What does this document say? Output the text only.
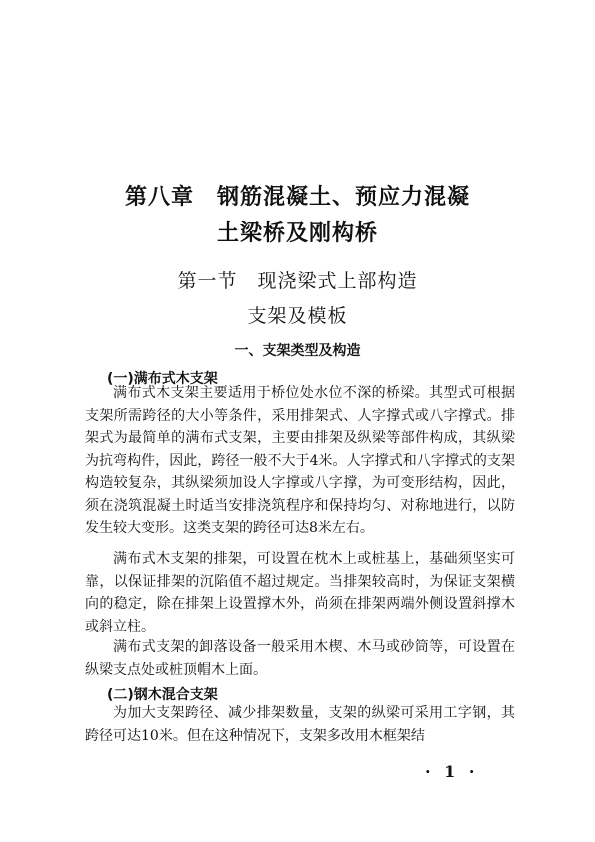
第八章　钢筋混凝土、预应力混凝
土梁桥及刚构桥
第一节　现浇梁式上部构造
支架及模板
一、支架类型及构造
(一)满布式木支架

满布式木支架主要适用于桥位处水位不深的桥梁。其型式可根据支架所需跨径的大小等条件，采用排架式、人字撑式或八字撑式。排架式为最简单的满布式支架，主要由排架及纵梁等部件构成，其纵梁为抗弯构件，因此，跨径一般不大于4米。人字撑式和八字撑式的支架构造较复杂，其纵梁须加设人字撑或八字撑，为可变形结构，因此，须在浇筑混凝土时适当安排浇筑程序和保持均匀、对称地进行，以防发生较大变形。这类支架的跨径可达8米左右。

满布式木支架的排架，可设置在枕木上或桩基上，基础须坚实可靠，以保证排架的沉陷值不超过规定。当排架较高时，为保证支架横向的稳定，除在排架上设置撑木外，尚须在排架两端外侧设置斜撑木或斜立柱。

满布式支架的卸落设备一般采用木楔、木马或砂筒等，可设置在纵梁支点处或桩顶帽木上面。

(二)钢木混合支架

为加大支架跨径、减少排架数量，支架的纵梁可采用工字钢，其跨径可达10米。但在这种情况下，支架多改用木框架结

· 1 ·
